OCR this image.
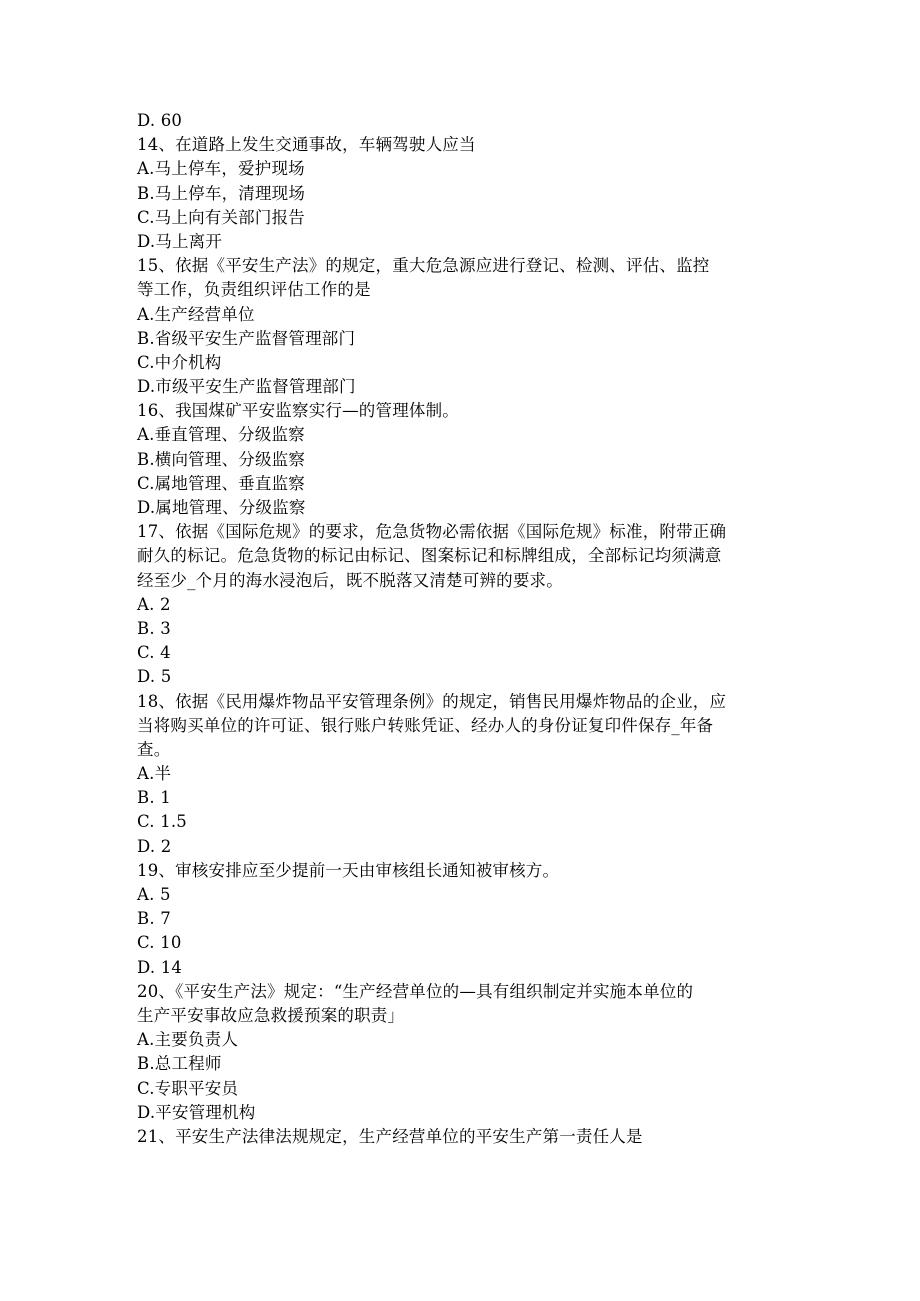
D. 60
14、在道路上发生交通事故，车辆驾驶人应当
A.马上停车，爱护现场
B.马上停车，清理现场
C.马上向有关部门报告
D.马上离开
15、依据《平安生产法》的规定，重大危急源应进行登记、检测、评估、监控
等工作，负责组织评估工作的是
A.生产经营单位
B.省级平安生产监督管理部门
C.中介机构
D.市级平安生产监督管理部门
16、我国煤矿平安监察实行—的管理体制。
A.垂直管理、分级监察
B.横向管理、分级监察
C.属地管理、垂直监察
D.属地管理、分级监察
17、依据《国际危规》的要求，危急货物必需依据《国际危规》标准，附带正确
耐久的标记。危急货物的标记由标记、图案标记和标牌组成，全部标记均须满意
经至少_个月的海水浸泡后，既不脱落又清楚可辨的要求。
A. 2
B. 3
C. 4
D. 5
18、依据《民用爆炸物品平安管理条例》的规定，销售民用爆炸物品的企业，应
当将购买单位的许可证、银行账户转账凭证、经办人的身份证复印件保存_年备
查。
A.半
B. 1
C. 1.5
D. 2
19、审核安排应至少提前一天由审核组长通知被审核方。
A. 5
B. 7
C. 10
D. 14
20、《平安生产法》规定：“生产经营单位的—具有组织制定并实施本单位的
生产平安事故应急救援预案的职责」
A.主要负责人
B.总工程师
C.专职平安员
D.平安管理机构
21、平安生产法律法规规定，生产经营单位的平安生产第一责任人是
